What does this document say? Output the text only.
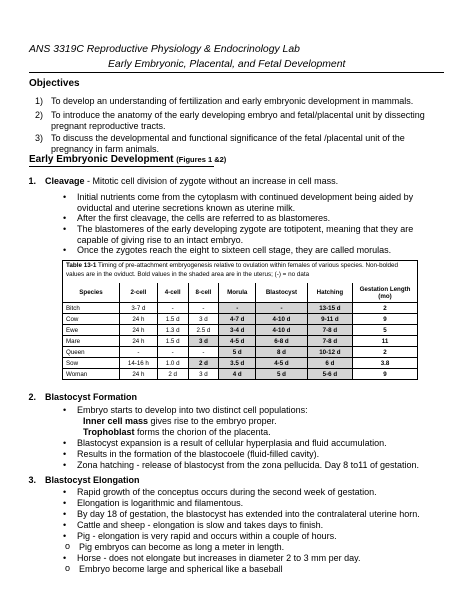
ANS 3319C Reproductive Physiology & Endocrinology Lab
Early Embryonic, Placental, and Fetal Development
Objectives
1) To develop an understanding of fertilization and early embryonic development in mammals.
2) To introduce the anatomy of the early developing embryo and fetal/placental unit by dissecting pregnant reproductive tracts.
3) To discuss the developmental and functional significance of the fetal /placental unit of the pregnancy in farm animals.
Early Embryonic Development (Figures 1 &2)
1. Cleavage - Mitotic cell division of zygote without an increase in cell mass.
• Initial nutrients come from the cytoplasm with continued development being aided by oviductal and uterine secretions known as uterine milk.
• After the first cleavage, the cells are referred to as blastomeres.
• The blastomeres of the early developing zygote are totipotent, meaning that they are capable of giving rise to an intact embryo.
• Once the zygotes reach the eight to sixteen cell stage, they are called morulas.
Table 13-1 Timing of pre-attachment embryogenesis relative to ovulation within females of various species. Non-bolded values are in the oviduct. Bold values in the shaded area are in the uterus; (-) = no data
Species	2-cell	4-cell	8-cell	Morula	Blastocyst	Hatching	Gestation Length (mo)
Bitch	3-7 d	-	-	-	-	13-15 d	2
Cow	24 h	1.5 d	3 d	4-7 d	4-10 d	9-11 d	9
Ewe	24 h	1.3 d	2.5 d	3-4 d	4-10 d	7-8 d	5
Mare	24 h	1.5 d	3 d	4-5 d	6-8 d	7-8 d	11
Queen	-	-	-	5 d	8 d	10-12 d	2
Sow	14-16 h	1.0 d	2 d	3.5 d	4-5 d	6 d	3.8
Woman	24 h	2 d	3 d	4 d	5 d	5-6 d	9
2. Blastocyst Formation
• Embryo starts to develop into two distinct cell populations:
Inner cell mass gives rise to the embryo proper.
Trophoblast forms the chorion of the placenta.
• Blastocyst expansion is a result of cellular hyperplasia and fluid accumulation.
• Results in the formation of the blastocoele (fluid-filled cavity).
• Zona hatching - release of blastocyst from the zona pellucida. Day 8 to11 of gestation.
3. Blastocyst Elongation
• Rapid growth of the conceptus occurs during the second week of gestation.
• Elongation is logarithmic and filamentous.
• By day 18 of gestation, the blastocyst has extended into the contralateral uterine horn.
• Cattle and sheep - elongation is slow and takes days to finish.
• Pig - elongation is very rapid and occurs within a couple of hours.
o Pig embryos can become as long a meter in length.
• Horse - does not elongate but increases in diameter 2 to 3 mm per day.
o Embryo become large and spherical like a baseball
